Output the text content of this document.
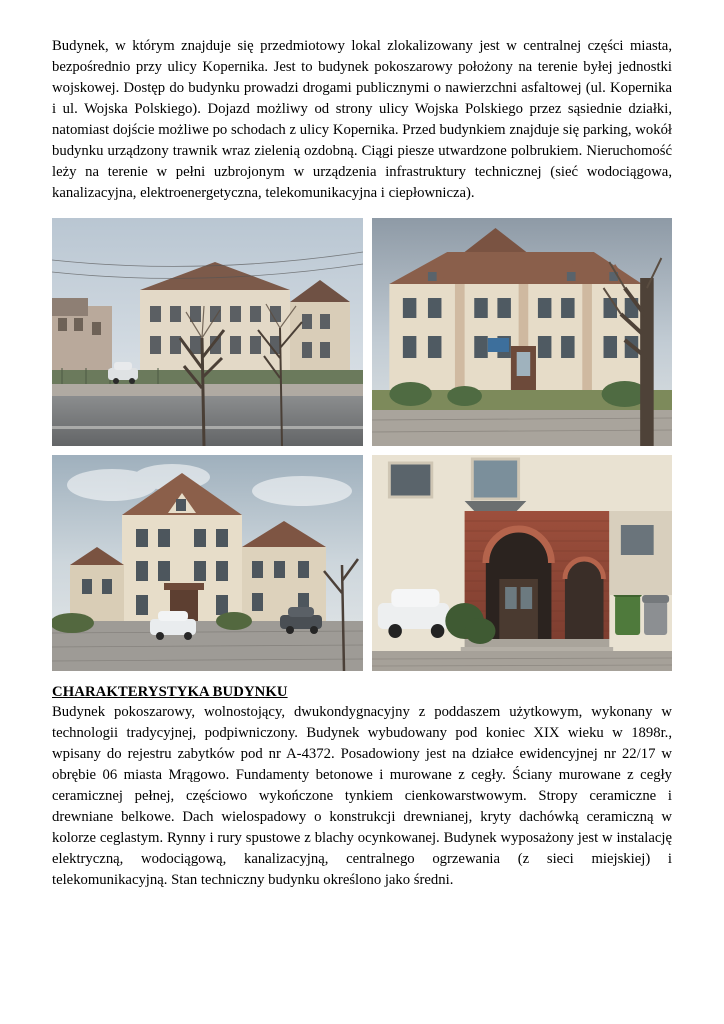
Budynek, w którym znajduje się przedmiotowy lokal zlokalizowany jest w centralnej części miasta, bezpośrednio przy ulicy Kopernika. Jest to budynek pokoszarowy położony na terenie byłej jednostki wojskowej. Dostęp do budynku prowadzi drogami publicznymi o nawierzchni asfaltowej (ul. Kopernika i ul. Wojska Polskiego). Dojazd możliwy od strony ulicy Wojska Polskiego przez sąsiednie działki, natomiast dojście możliwe po schodach z ulicy Kopernika. Przed budynkiem znajduje się parking, wokół budynku urządzony trawnik wraz zielenią ozdobną. Ciągi piesze utwardzone polbrukiem. Nieruchomość leży na terenie w pełni uzbrojonym w urządzenia infrastruktury technicznej (sieć wodociągowa, kanalizacyjna, elektroenergetyczna, telekomunikacyjna i ciepłownicza).

CHARAKTERYSTYKA BUDYNKU

Budynek pokoszarowy, wolnostojący, dwukondygnacyjny z poddaszem użytkowym, wykonany w technologii tradycyjnej, podpiwniczony. Budynek wybudowany pod koniec XIX wieku w 1898r., wpisany do rejestru zabytków pod nr A-4372. Posadowiony jest na działce ewidencyjnej nr 22/17 w obrębie 06 miasta Mrągowo. Fundamenty betonowe i murowane z cegły. Ściany murowane z cegły ceramicznej pełnej, częściowo wykończone tynkiem cienkowarstwowym. Stropy ceramiczne i drewniane belkowe. Dach wielospadowy o konstrukcji drewnianej, kryty dachówką ceramiczną w kolorze ceglastym. Rynny i rury spustowe z blachy ocynkowanej. Budynek wyposażony jest w instalację elektryczną, wodociągową, kanalizacyjną, centralnego ogrzewania (z sieci miejskiej) i telekomunikacyjną. Stan techniczny budynku określono jako średni.
